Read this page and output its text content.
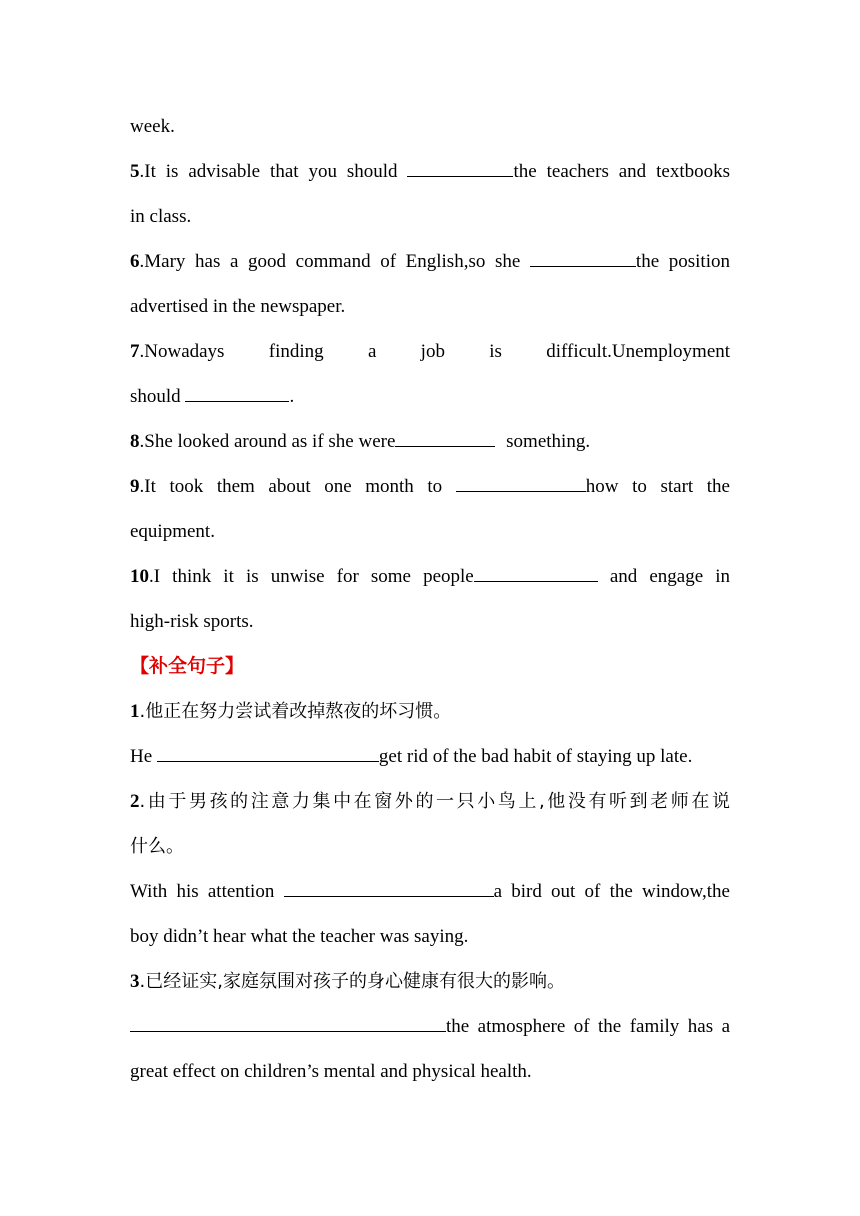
week.
5.It is advisable that you should	the teachers and textbooks
in class.
6.Mary has a good command of English,so she	the position
advertised in the newspaper.
7.Nowadays finding a job is difficult.Unemployment
should	.
8.She looked around as if she were	something.
9.It took them about one month to	how to start the
equipment.
10.I think it is unwise for some people	and engage in
high-risk sports.
【补全句子】
1.他正在努力尝试着改掉熬夜的坏习惯。
He	get rid of the bad habit of staying up late.
2.由于男孩的注意力集中在窗外的一只小鸟上,他没有听到老师在说
什么。
With his attention	a bird out of the window,the
boy didn’t hear what the teacher was saying.
3.已经证实,家庭氛围对孩子的身心健康有很大的影响。
the atmosphere of the family has a
great effect on children’s mental and physical health.
